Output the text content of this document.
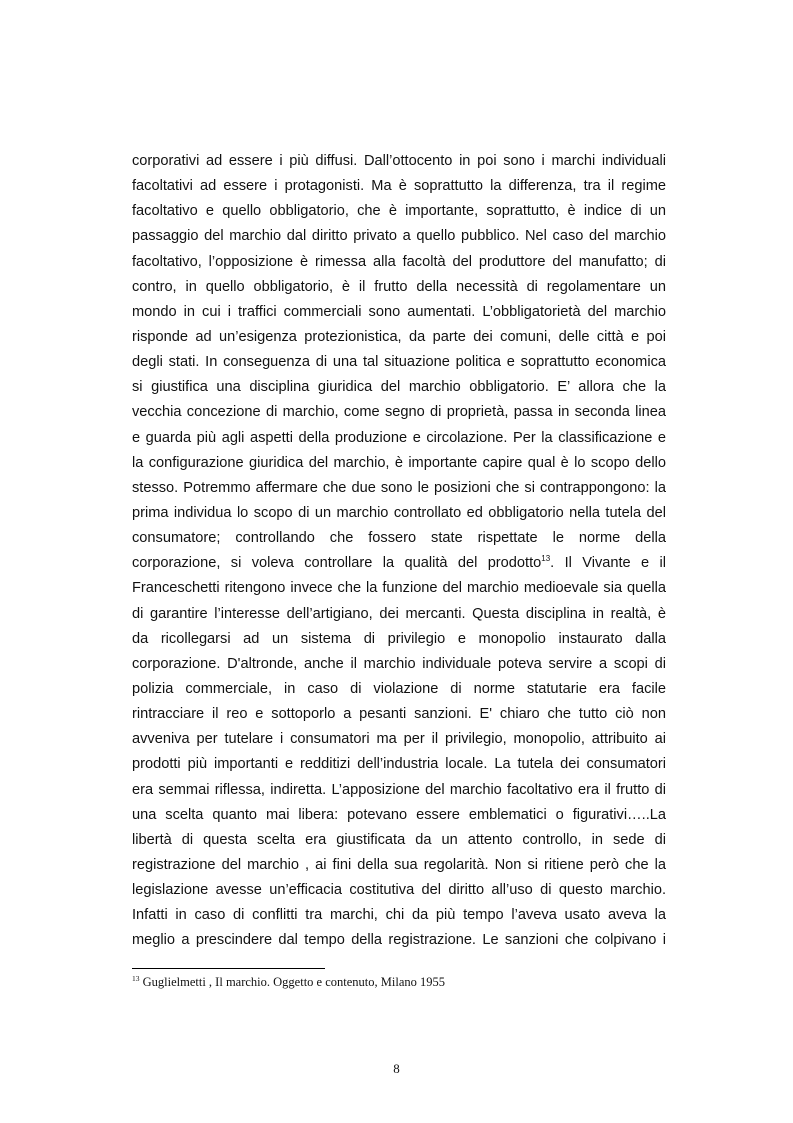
corporativi ad essere i più diffusi. Dall’ottocento in poi sono i marchi individuali
facoltativi ad essere i protagonisti. Ma è soprattutto la differenza, tra il regime
facoltativo e quello obbligatorio, che è importante, soprattutto, è indice di un
passaggio del marchio dal diritto privato a quello pubblico. Nel caso del marchio
facoltativo, l’opposizione è rimessa alla facoltà del produttore del manufatto; di
contro, in quello obbligatorio, è il frutto della necessità di regolamentare un
mondo in cui i traffici commerciali sono aumentati. L’obbligatorietà del marchio
risponde ad un’esigenza protezionistica, da parte dei comuni, delle città e poi
degli stati. In conseguenza di una tal situazione politica e soprattutto economica
si giustifica una disciplina giuridica del marchio obbligatorio. E’ allora che la
vecchia concezione di marchio, come segno di proprietà, passa in seconda linea
e guarda più agli aspetti della produzione e circolazione. Per la classificazione e
la configurazione giuridica del marchio, è importante capire qual è lo scopo dello
stesso. Potremmo affermare che due sono le posizioni che si contrappongono: la
prima individua lo scopo di un marchio controllato ed obbligatorio nella tutela del
consumatore; controllando che fossero state rispettate le norme della
corporazione, si voleva controllare la qualità del prodotto$^{13}$. Il Vivante e il
Franceschetti ritengono invece che la funzione del marchio medioevale sia quella
di garantire l’interesse dell’artigiano, dei mercanti. Questa disciplina in realtà, è
da ricollegarsi ad un sistema di privilegio e monopolio instaurato dalla
corporazione. D'altronde, anche il marchio individuale poteva servire a scopi di
polizia commerciale, in caso di violazione di norme statutarie era facile
rintracciare il reo e sottoporlo a pesanti sanzioni. E' chiaro che tutto ciò non
avveniva per tutelare i consumatori ma per il privilegio, monopolio, attribuito ai
prodotti più importanti e redditizi dell’industria locale. La tutela dei consumatori
era semmai riflessa, indiretta. L’apposizione del marchio facoltativo era il frutto di
una scelta quanto mai libera: potevano essere emblematici o figurativi…..La
libertà di questa scelta era giustificata da un attento controllo, in sede di
registrazione del marchio , ai fini della sua regolarità. Non si ritiene però che la
legislazione avesse un’efficacia costitutiva del diritto all’uso di questo marchio.
Infatti in caso di conflitti tra marchi, chi da più tempo l’aveva usato aveva la
meglio a prescindere dal tempo della registrazione. Le sanzioni che colpivano i
$^{13}$ Guglielmetti , Il marchio. Oggetto e contenuto, Milano 1955
8
